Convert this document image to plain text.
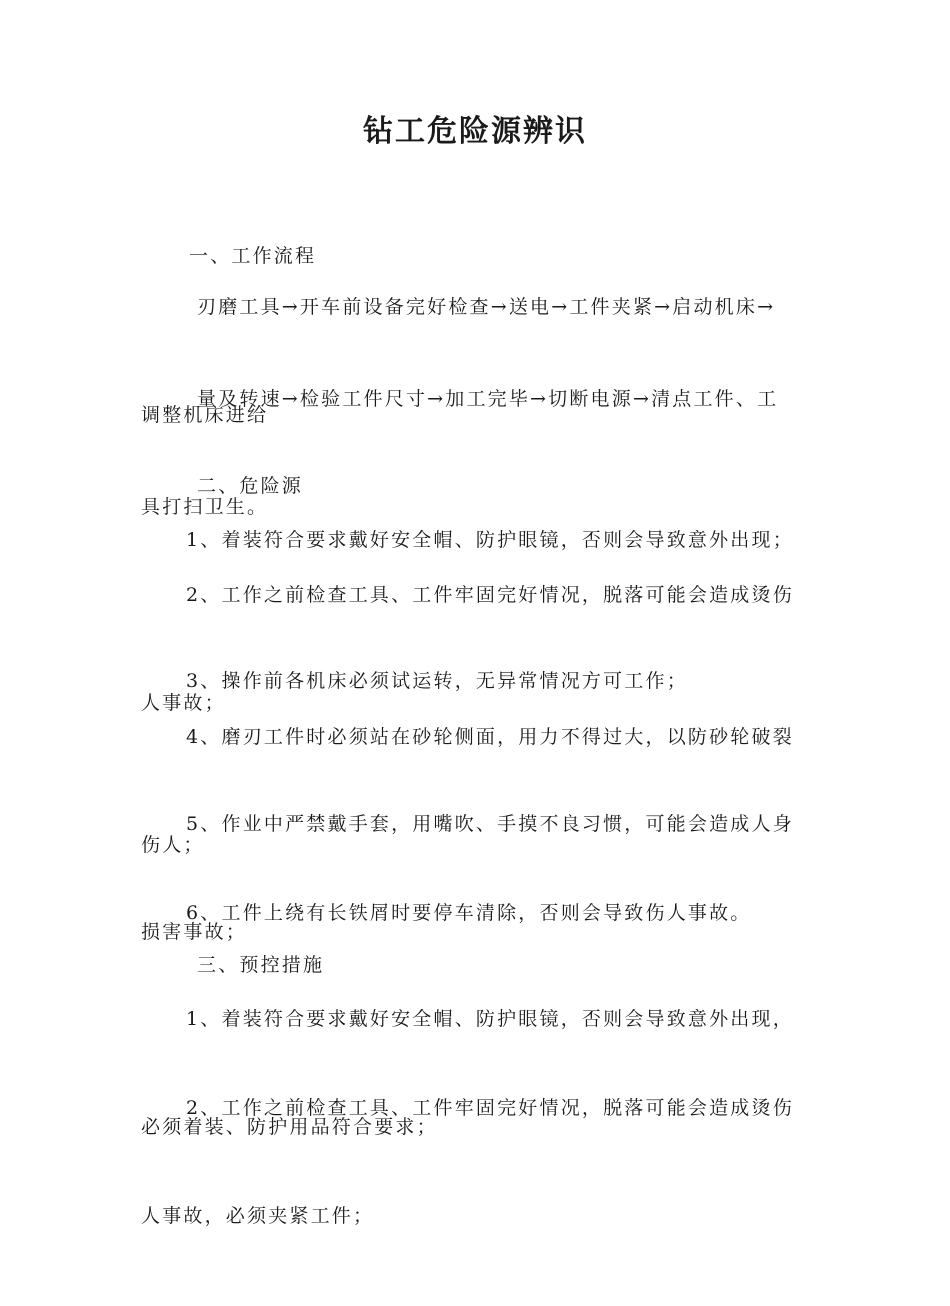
钻工危险源辨识

一、工作流程

刃磨工具→开车前设备完好检查→送电→工件夹紧→启动机床→

调整机床进给

量及转速→检验工件尺寸→加工完毕→切断电源→清点工件、工

具打扫卫生。

二、危险源

1、着装符合要求戴好安全帽、防护眼镜，否则会导致意外出现；

2、工作之前检查工具、工件牢固完好情况，脱落可能会造成烫伤

人事故；

3、操作前各机床必须试运转，无异常情况方可工作；

4、磨刃工件时必须站在砂轮侧面，用力不得过大，以防砂轮破裂

伤人；

5、作业中严禁戴手套，用嘴吹、手摸不良习惯，可能会造成人身

损害事故；

6、工件上绕有长铁屑时要停车清除，否则会导致伤人事故。

三、预控措施

1、着装符合要求戴好安全帽、防护眼镜，否则会导致意外出现，

必须着装、防护用品符合要求；

2、工作之前检查工具、工件牢固完好情况，脱落可能会造成烫伤

人事故，必须夹紧工件；
